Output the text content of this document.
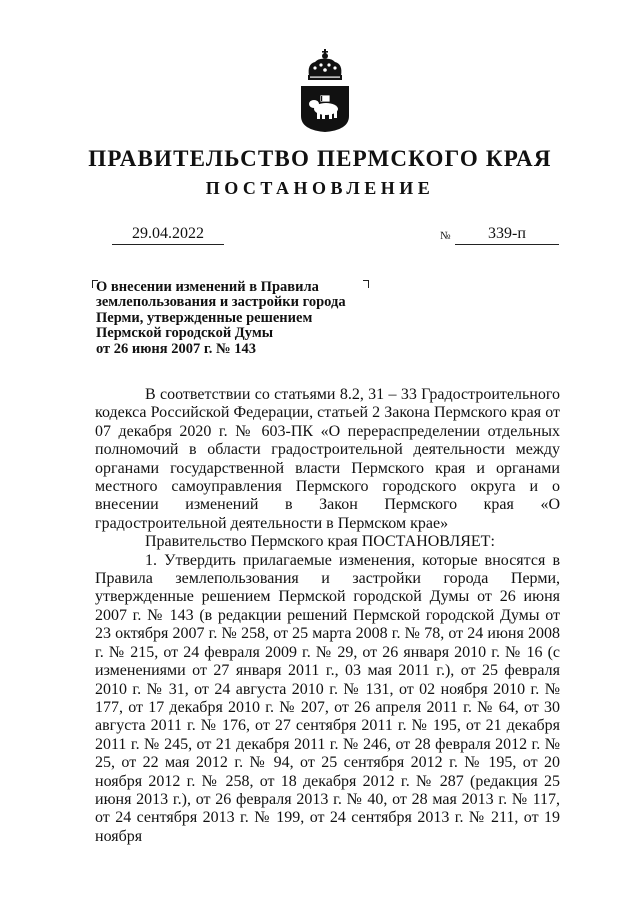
ПРАВИТЕЛЬСТВО ПЕРМСКОГО КРАЯ
ПОСТАНОВЛЕНИЕ
29.04.2022	№	339-п
О внесении изменений в Правила
землепользования и застройки города
Перми, утвержденные решением
Пермской городской Думы
от 26 июня 2007 г. № 143

В соответствии со статьями 8.2, 31 – 33 Градостроительного кодекса Российской Федерации, статьей 2 Закона Пермского края от 07 декабря 2020 г. № 603-ПК «О перераспределении отдельных полномочий в области градостроительной деятельности между органами государственной власти Пермского края и органами местного самоуправления Пермского городского округа и о внесении изменений в Закон Пермского края «О градостроительной деятельности в Пермском крае»

Правительство Пермского края ПОСТАНОВЛЯЕТ:

1. Утвердить прилагаемые изменения, которые вносятся в Правила землепользования и застройки города Перми, утвержденные решением Пермской городской Думы от 26 июня 2007 г. № 143 (в редакции решений Пермской городской Думы от 23 октября 2007 г. № 258, от 25 марта 2008 г. № 78, от 24 июня 2008 г. № 215, от 24 февраля 2009 г. № 29, от 26 января 2010 г. № 16 (с изменениями от 27 января 2011 г., 03 мая 2011 г.), от 25 февраля 2010 г. № 31, от 24 августа 2010 г. № 131, от 02 ноября 2010 г. № 177, от 17 декабря 2010 г. № 207, от 26 апреля 2011 г. № 64, от 30 августа 2011 г. № 176, от 27 сентября 2011 г. № 195, от 21 декабря 2011 г. № 245, от 21 декабря 2011 г. № 246, от 28 февраля 2012 г. № 25, от 22 мая 2012 г. № 94, от 25 сентября 2012 г. № 195, от 20 ноября 2012 г. № 258, от 18 декабря 2012 г. № 287 (редакция 25 июня 2013 г.), от 26 февраля 2013 г. № 40, от 28 мая 2013 г. № 117, от 24 сентября 2013 г. № 199, от 24 сентября 2013 г. № 211, от 19 ноября
